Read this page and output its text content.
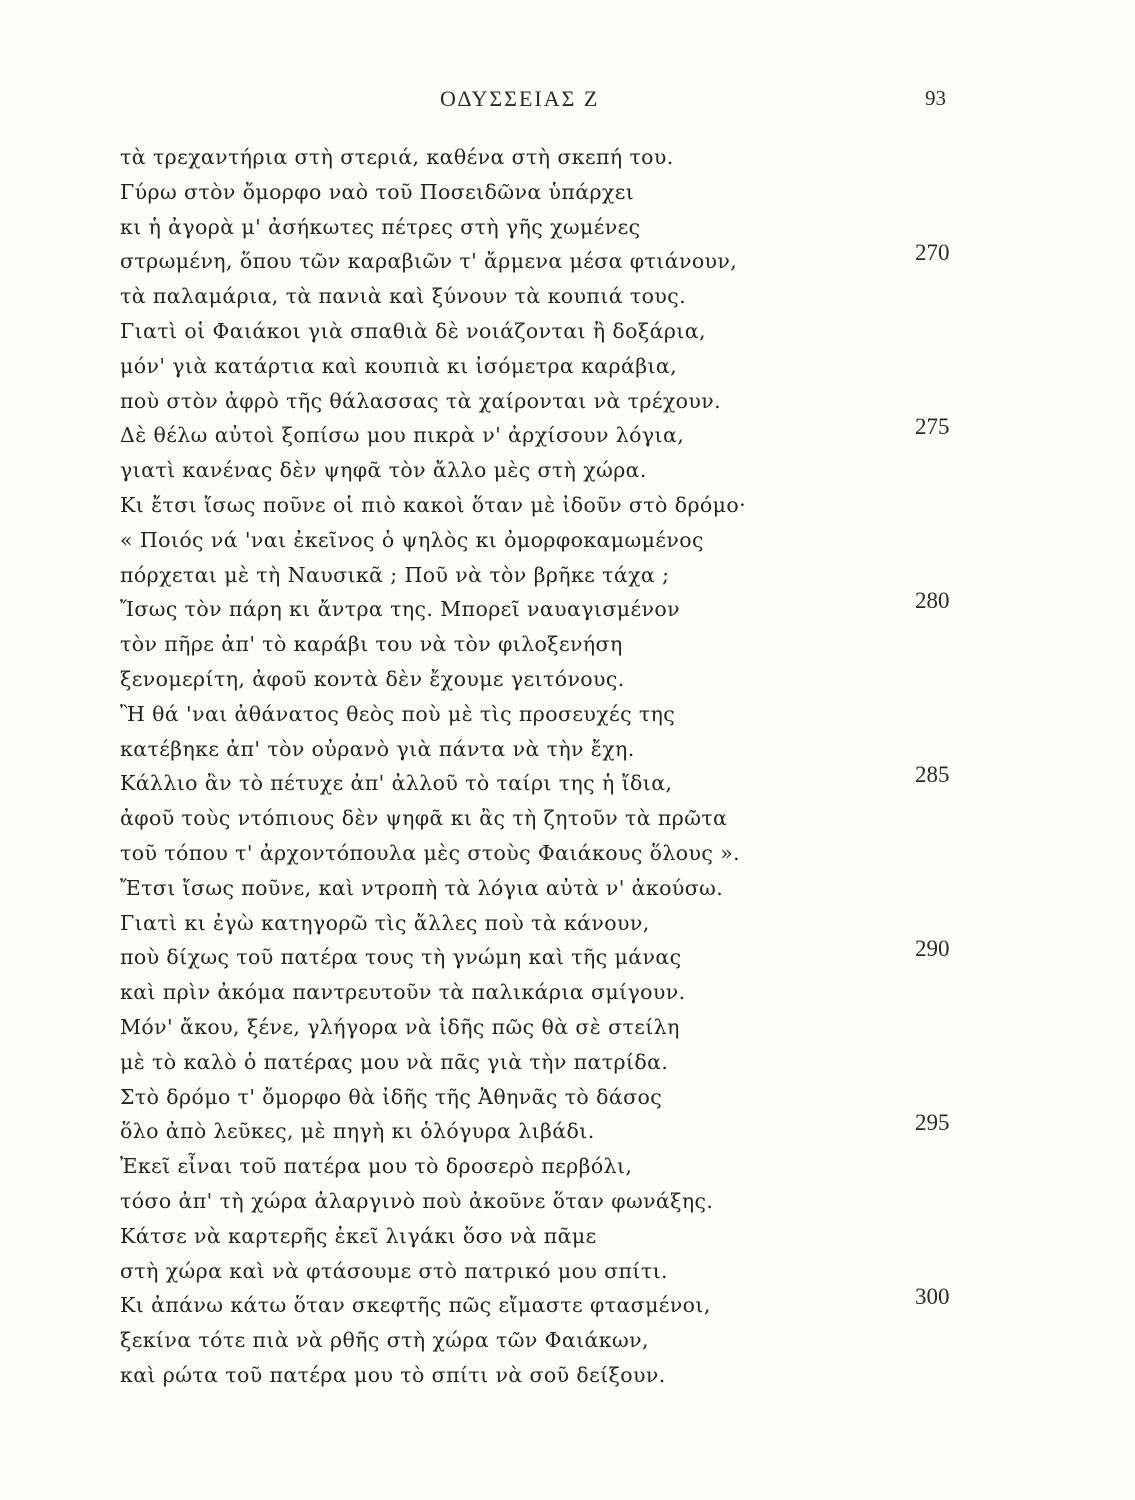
ΟΔΥΣΣΕΙΑΣ Ζ	93
τὰ τρεχαντήρια στὴ στεριά, καθένα στὴ σκεπή του.
Γύρω στὸν ὄμορφο ναὸ τοῦ Ποσειδῶνα ὑπάρχει
κι ἡ ἀγορὰ μ' ἀσήκωτες πέτρες στὴ γῆς χωμένες
στρωμένη, ὅπου τῶν καραβιῶν τ' ἄρμενα μέσα φτιάνουν,	270
τὰ παλαμάρια, τὰ πανιὰ καὶ ξύνουν τὰ κουπιά τους.
Γιατὶ οἱ Φαιάκοι γιὰ σπαθιὰ δὲ νοιάζονται ἢ δοξάρια,
μόν' γιὰ κατάρτια καὶ κουπιὰ κι ἰσόμετρα καράβια,
ποὺ στὸν ἀφρὸ τῆς θάλασσας τὰ χαίρονται νὰ τρέχουν.
Δὲ θέλω αὐτοὶ ξοπίσω μου πικρὰ ν' ἀρχίσουν λόγια,	275
γιατὶ κανένας δὲν ψηφᾶ τὸν ἄλλο μὲς στὴ χώρα.
Κι ἔτσι ἴσως ποῦνε οἱ πιὸ κακοὶ ὅταν μὲ ἰδοῦν στὸ δρόμο·
« Ποιός νά 'ναι ἐκεῖνος ὁ ψηλὸς κι ὀμορφοκαμωμένος
πόρχεται μὲ τὴ Ναυσικᾶ ; Ποῦ νὰ τὸν βρῆκε τάχα ;
Ἴσως τὸν πάρη κι ἄντρα της. Μπορεῖ ναυαγισμένον	280
τὸν πῆρε ἀπ' τὸ καράβι του νὰ τὸν φιλοξενήση
ξενομερίτη, ἀφοῦ κοντὰ δὲν ἔχουμε γειτόνους.
Ἢ θά 'ναι ἀθάνατος θεὸς ποὺ μὲ τὶς προσευχές της
κατέβηκε ἀπ' τὸν οὐρανὸ γιὰ πάντα νὰ τὴν ἔχη.
Κάλλιο ἂν τὸ πέτυχε ἀπ' ἀλλοῦ τὸ ταίρι της ἡ ἴδια,	285
ἀφοῦ τοὺς ντόπιους δὲν ψηφᾶ κι ἂς τὴ ζητοῦν τὰ πρῶτα
τοῦ τόπου τ' ἀρχοντόπουλα μὲς στοὺς Φαιάκους ὅλους ».
Ἔτσι ἴσως ποῦνε, καὶ ντροπὴ τὰ λόγια αὐτὰ ν' ἀκούσω.
Γιατὶ κι ἐγὼ κατηγορῶ τὶς ἄλλες ποὺ τὰ κάνουν,
ποὺ δίχως τοῦ πατέρα τους τὴ γνώμη καὶ τῆς μάνας	290
καὶ πρὶν ἀκόμα παντρευτοῦν τὰ παλικάρια σμίγουν.
Μόν' ἄκου, ξένε, γλήγορα νὰ ἰδῆς πῶς θὰ σὲ στείλη
μὲ τὸ καλὸ ὁ πατέρας μου νὰ πᾶς γιὰ τὴν πατρίδα.
Στὸ δρόμο τ' ὄμορφο θὰ ἰδῆς τῆς Ἀθηνᾶς τὸ δάσος
ὅλο ἀπὸ λεῦκες, μὲ πηγὴ κι ὁλόγυρα λιβάδι.	295
Ἐκεῖ εἶναι τοῦ πατέρα μου τὸ δροσερὸ περβόλι,
τόσο ἀπ' τὴ χώρα ἀλαργινὸ ποὺ ἀκοῦνε ὅταν φωνάξης.
Κάτσε νὰ καρτερῆς ἐκεῖ λιγάκι ὅσο νὰ πᾶμε
στὴ χώρα καὶ νὰ φτάσουμε στὸ πατρικό μου σπίτι.
Κι ἀπάνω κάτω ὅταν σκεφτῆς πῶς εἴμαστε φτασμένοι,	300
ξεκίνα τότε πιὰ νὰ ρθῆς στὴ χώρα τῶν Φαιάκων,
καὶ ρώτα τοῦ πατέρα μου τὸ σπίτι νὰ σοῦ δείξουν.
